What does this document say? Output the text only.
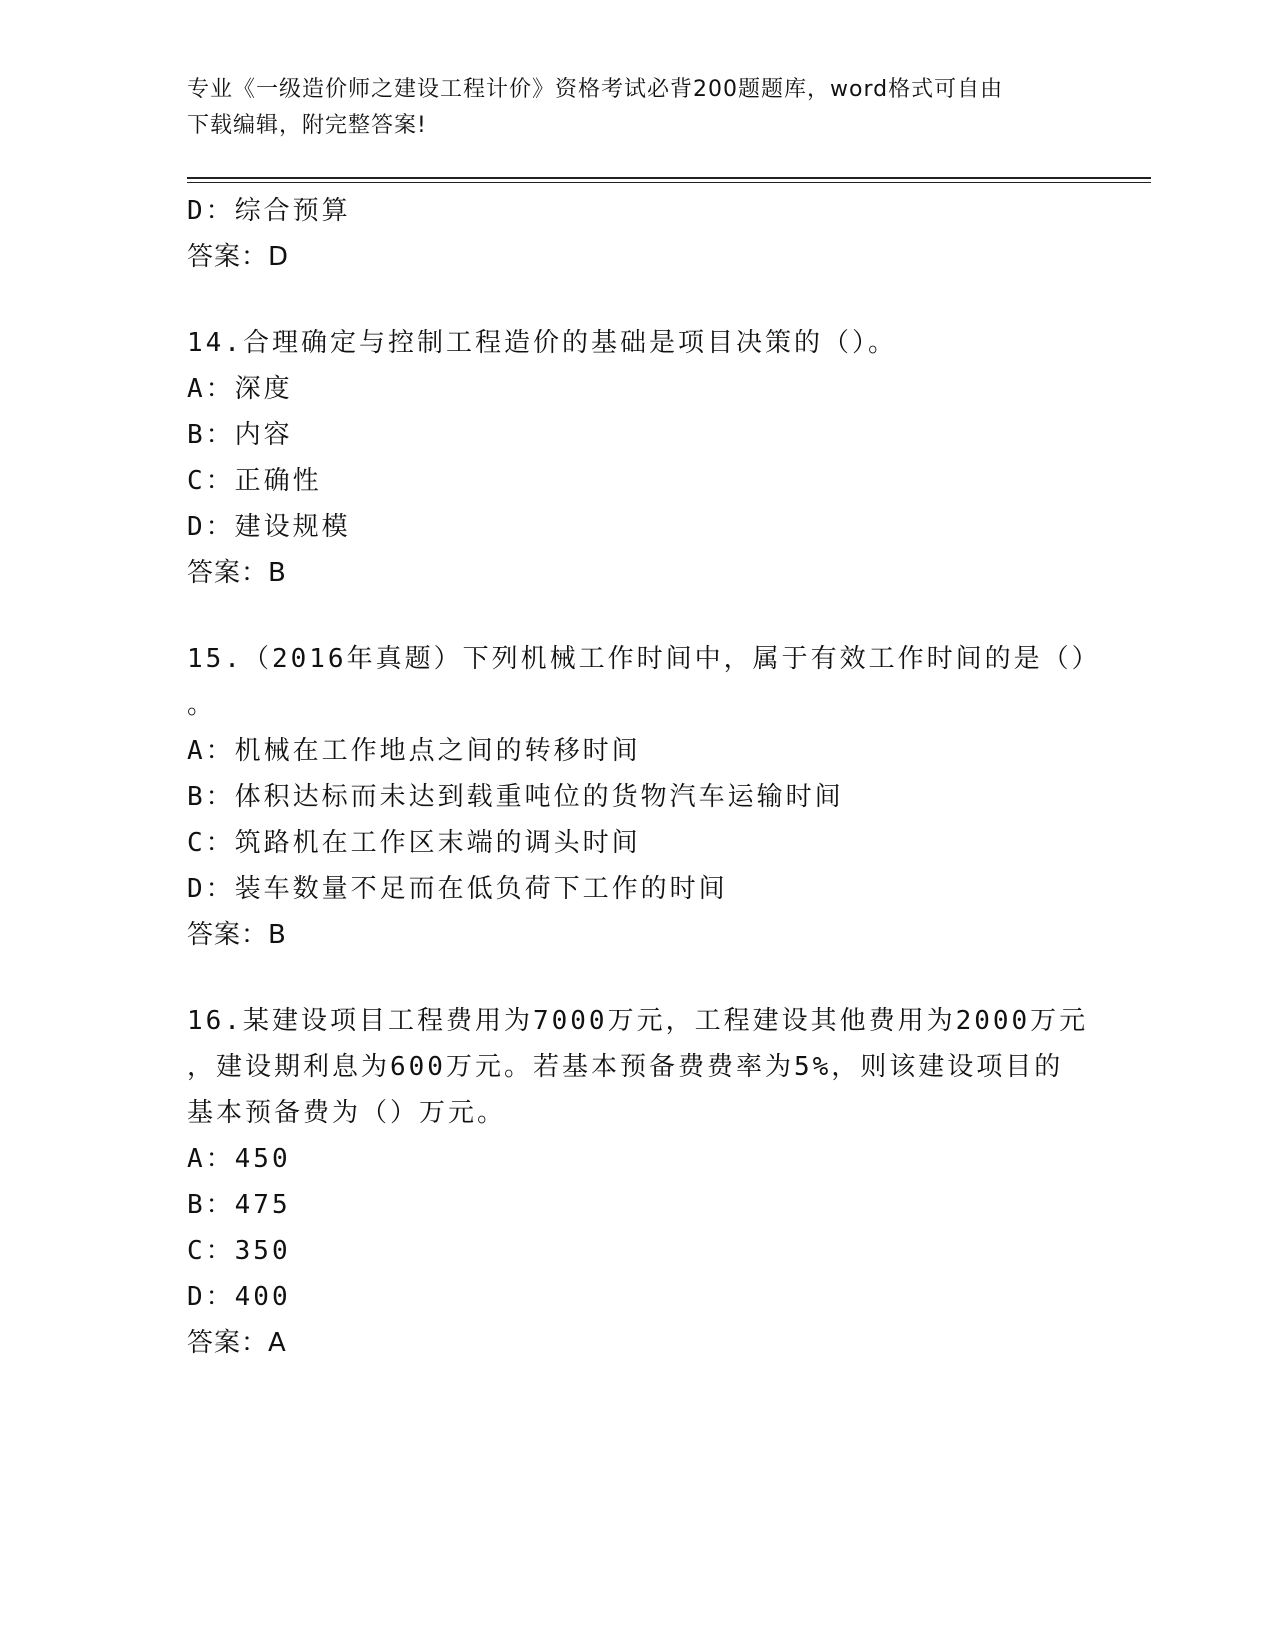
专业《一级造价师之建设工程计价》资格考试必背200题题库，word格式可自由
下载编辑，附完整答案!
D：综合预算
答案：D
14.合理确定与控制工程造价的基础是项目决策的（）。
A：深度
B：内容
C：正确性
D：建设规模
答案：B
15.（2016年真题）下列机械工作时间中，属于有效工作时间的是（）
。
A：机械在工作地点之间的转移时间
B：体积达标而未达到载重吨位的货物汽车运输时间
C：筑路机在工作区末端的调头时间
D：装车数量不足而在低负荷下工作的时间
答案：B
16.某建设项目工程费用为7000万元，工程建设其他费用为2000万元
，建设期利息为600万元。若基本预备费费率为5%，则该建设项目的
基本预备费为（）万元。
A：450
B：475
C：350
D：400
答案：A
